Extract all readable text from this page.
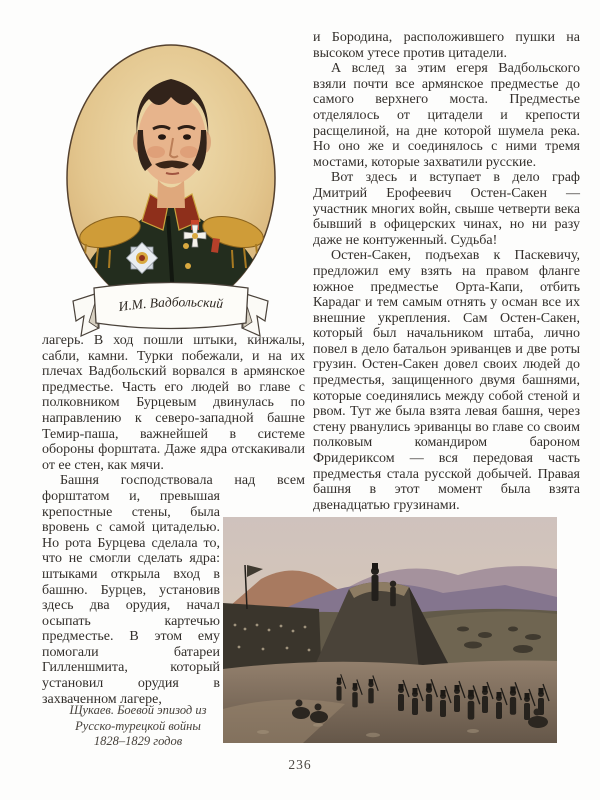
И.М. Вадбольский

и Бородина, расположившего пушки на высоком утесе против цитадели.

А вслед за этим егеря Вадбольского взяли почти все армянское предместье до самого верхнего моста. Предместье отделялось от цитадели и крепости расщелиной, на дне которой шумела река. Но оно же и соединялось с ними тремя мостами, которые захватили русские.

Вот здесь и вступает в дело граф Дмитрий Ерофеевич Остен-Сакен — участник многих войн, свыше четверти века бывший в офицерских чинах, но ни разу даже не контуженный. Судьба!

Остен-Сакен, подъехав к Паскевичу, предложил ему взять на правом фланге южное предместье Орта-Капи, отбить Карадаг и тем самым отнять у осман все их внешние укрепления. Сам Остен-Сакен, который был начальником штаба, лично повел в дело батальон эриванцев и две роты грузин. Остен-Сакен довел своих людей до предместья, защищенного двумя башнями, которые соединялись между собой стеной и рвом. Тут же была взята левая башня, через стену рванулись эриванцы во главе со своим полковым командиром бароном Фридериксом — вся передовая часть предместья стала русской добычей. Правая башня в этот момент была взята двенадцатью грузинами.

лагерь. В ход пошли штыки, кинжалы, сабли, камни. Турки побежали, и на их плечах Вадбольский ворвался в армянское предместье. Часть его людей во главе с полковником Бурцевым двинулась по направлению к северо-западной башне Темир-паша, важнейшей в системе обороны форштата. Даже ядра отскакивали от ее стен, как мячи.

Башня господствовала над всем форштатом и, превышая крепостные стены, была вровень с самой цитаделью. Но рота Бурцева сделала то, что не смогли сделать ядра: штыками открыла вход в башню. Бурцев, установив здесь два орудия, начал осыпать картечью предместье. В этом ему помогали батареи Гилленшмита, который установил орудия в захваченном лагере,

Щукаев. Боевой эпизод из
Русско-турецкой войны
1828–1829 годов
236
